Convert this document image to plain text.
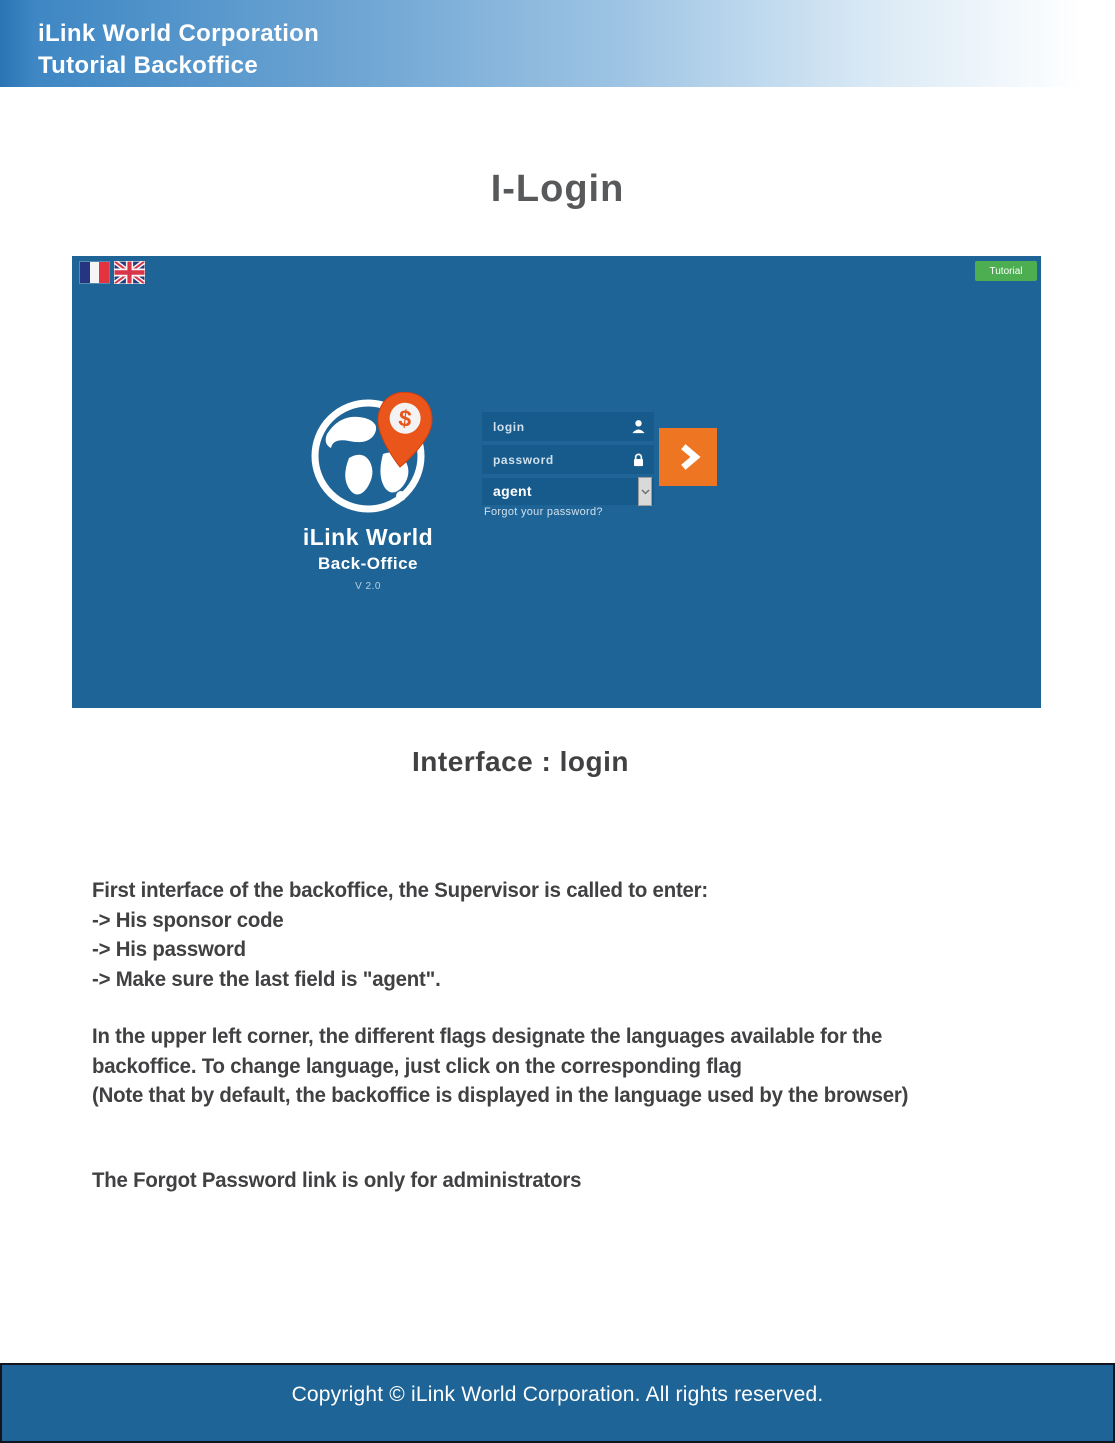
iLink World Corporation
Tutorial Backoffice
I-Login
Tutorial
$
iLink World
Back-Office
V 2.0
login
password
agent
Forgot your password?
Interface : login
First interface of the backoffice, the Supervisor is called to enter:
-> His sponsor code
-> His password
-> Make sure the last field is "agent".
In the upper left corner, the different flags designate the languages available for the
backoffice. To change language, just click on the corresponding flag
(Note that by default, the backoffice is displayed in the language used by the browser)
The Forgot Password link is only for administrators
Copyright © iLink World Corporation. All rights reserved.
